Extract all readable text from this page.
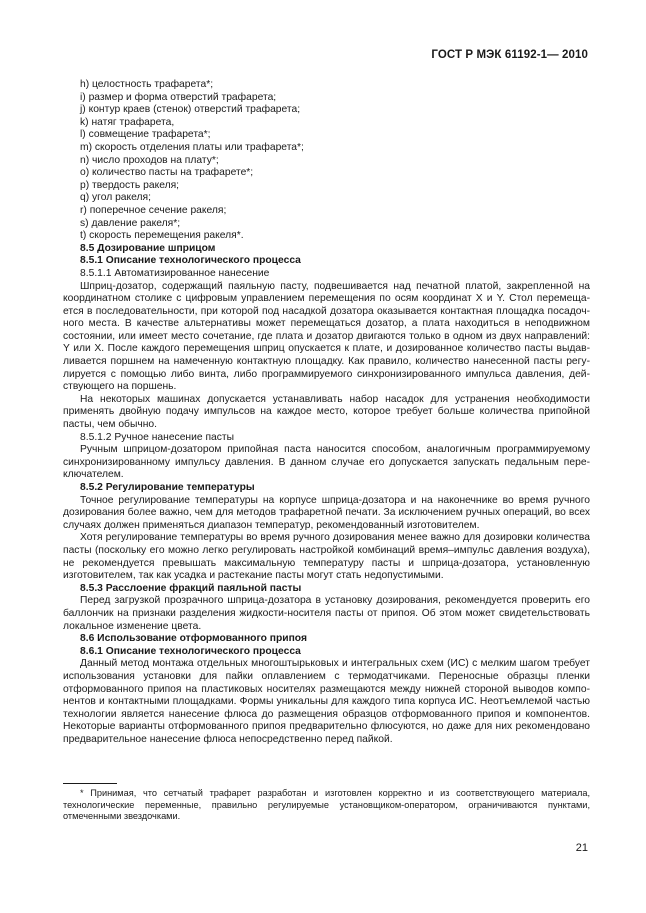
ГОСТ Р МЭК 61192-1— 2010

h) целостность трафарета*;

i) размер и форма отверстий трафарета;

j) контур краев (стенок) отверстий трафарета;

k) натяг трафарета,

l) совмещение трафарета*;

m) скорость отделения платы или трафарета*;

n) число проходов на плату*;

o) количество пасты на трафарете*;

p) твердость ракеля;

q) угол ракеля;

r) поперечное сечение ракеля;

s) давление ракеля*;

t) скорость перемещения ракеля*.

8.5 Дозирование шприцом

8.5.1 Описание технологического процесса

8.5.1.1 Автоматизированное нанесение

Шприц-дозатор, содержащий паяльную пасту, подвешивается над печатной платой, закрепленной на координатном столике с цифровым управлением перемещения по осям координат X и Y. Стол перемещается в последовательности, при которой под насадкой дозатора оказывается контактная площадка посадочного места. В качестве альтернативы может перемещаться дозатор, а плата находиться в неподвижном состоянии, или имеет место сочетание, где плата и дозатор двигаются только в одном из двух направлений: Y или X. После каждого перемещения шприц опускается к плате, и дозированное количество пасты выдавливается поршнем на намеченную контактную площадку. Как правило, количество нанесенной пасты регулируется с помощью либо винта, либо программируемого синхронизированного импульса давления, действующего на поршень.

На некоторых машинах допускается устанавливать набор насадок для устранения необходимости применять двойную подачу импульсов на каждое место, которое требует больше количества припойной пасты, чем обычно.

8.5.1.2 Ручное нанесение пасты

Ручным шприцом-дозатором припойная паста наносится способом, аналогичным программируемому синхронизированному импульсу давления. В данном случае его допускается запускать педальным переключателем.

8.5.2 Регулирование температуры

Точное регулирование температуры на корпусе шприца-дозатора и на наконечнике во время ручного дозирования более важно, чем для методов трафаретной печати. За исключением ручных операций, во всех случаях должен применяться диапазон температур, рекомендованный изготовителем.

Хотя регулирование температуры во время ручного дозирования менее важно для дозировки количества пасты (поскольку его можно легко регулировать настройкой комбинаций время–импульс давления воздуха), не рекомендуется превышать максимальную температуру пасты и шприца-дозатора, установленную изготовителем, так как усадка и растекание пасты могут стать недопустимыми.

8.5.3 Расслоение фракций паяльной пасты

Перед загрузкой прозрачного шприца-дозатора в установку дозирования, рекомендуется проверить его баллончик на признаки разделения жидкости-носителя пасты от припоя. Об этом может свидетельствовать локальное изменение цвета.

8.6 Использование отформованного припоя

8.6.1 Описание технологического процесса

Данный метод монтажа отдельных многоштырьковых и интегральных схем (ИС) с мелким шагом требует использования установки для пайки оплавлением с термодатчиками. Переносные образцы пленки отформованного припоя на пластиковых носителях размещаются между нижней стороной выводов компонентов и контактными площадками. Формы уникальны для каждого типа корпуса ИС. Неотъемлемой частью технологии является нанесение флюса до размещения образцов отформованного припоя и компонентов. Некоторые варианты отформованного припоя предварительно флюсуются, но даже для них рекомендовано предварительное нанесение флюса непосредственно перед пайкой.

* Принимая, что сетчатый трафарет разработан и изготовлен корректно и из соответствующего материала, технологические переменные, правильно регулируемые установщиком-оператором, ограничиваются пунктами, отмеченными звездочками.

21
